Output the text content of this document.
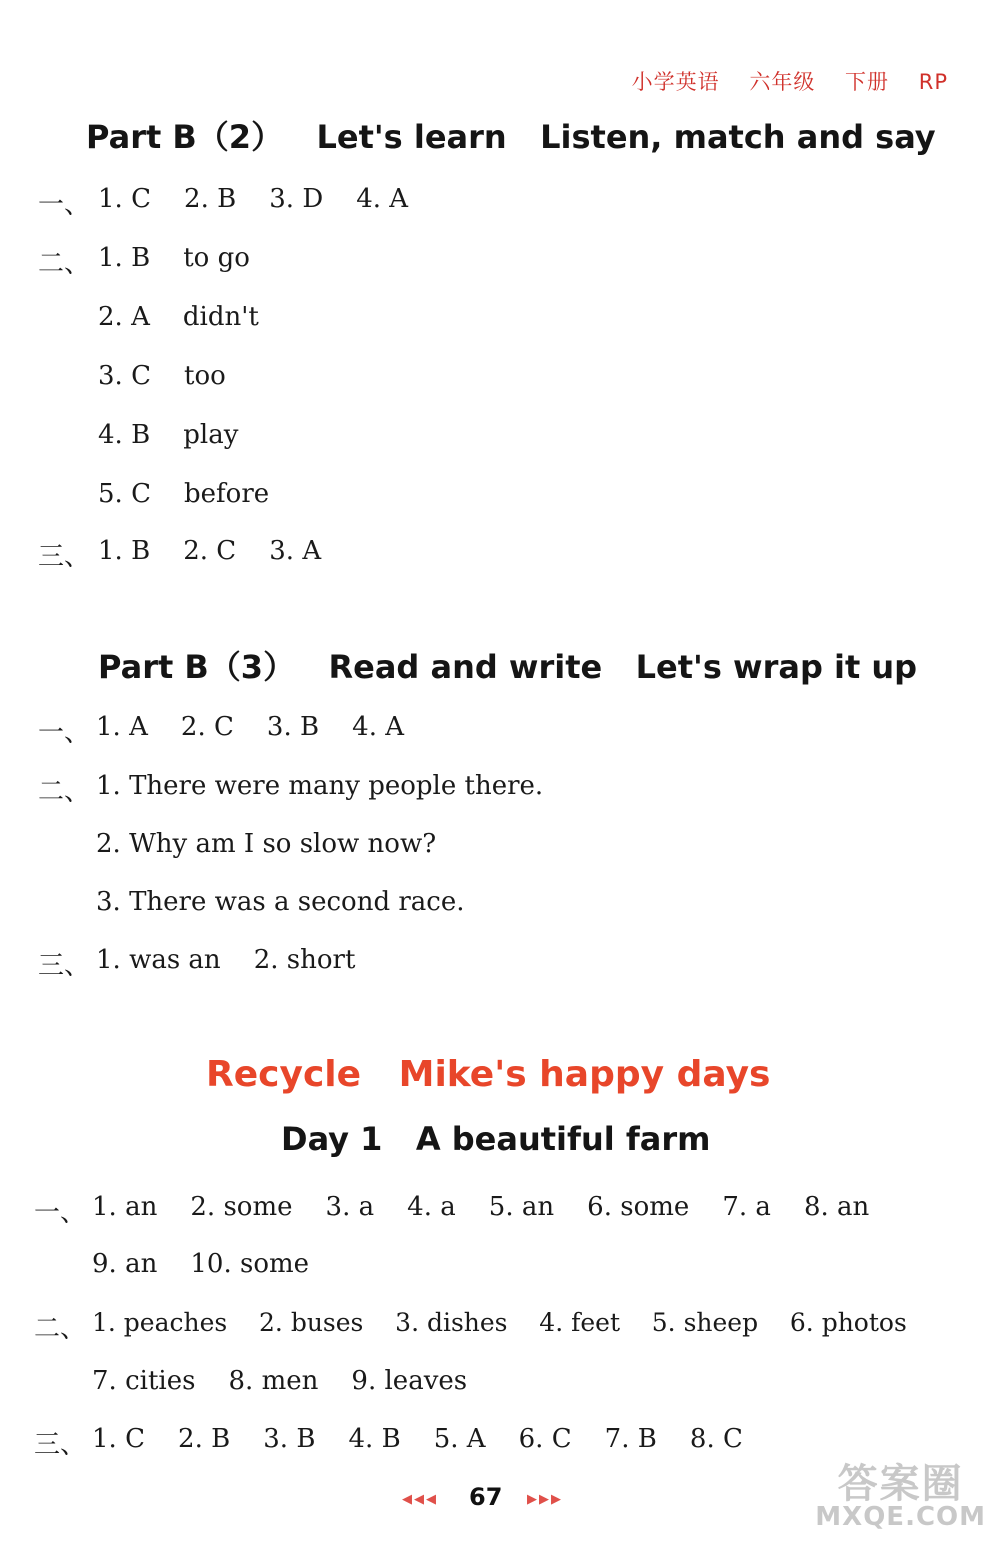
小学英语 六年级 下册 RP
Part B（2）   Let's learn   Listen, match and say
一、 1. C    2. B    3. D    4. A
二、 1. B    to go
2. A    didn't
3. C    too
4. B    play
5. C    before
三、 1. B    2. C    3. A
Part B（3）   Read and write   Let's wrap it up
一、 1. A    2. C    3. B    4. A
二、 1. There were many people there.
2. Why am I so slow now?
3. There was a second race.
三、 1. was an    2. short
Recycle   Mike's happy days
Day 1   A beautiful farm
一、 1. an    2. some    3. a    4. a    5. an    6. some    7. a    8. an
9. an    10. some
二、 1. peaches    2. buses    3. dishes    4. feet    5. sheep    6. photos
7. cities    8. men    9. leaves
三、 1. C    2. B    3. B    4. B    5. A    6. C    7. B    8. C
◀◀◀ 67 ▶▶▶	答案圈
MXQE.COM
